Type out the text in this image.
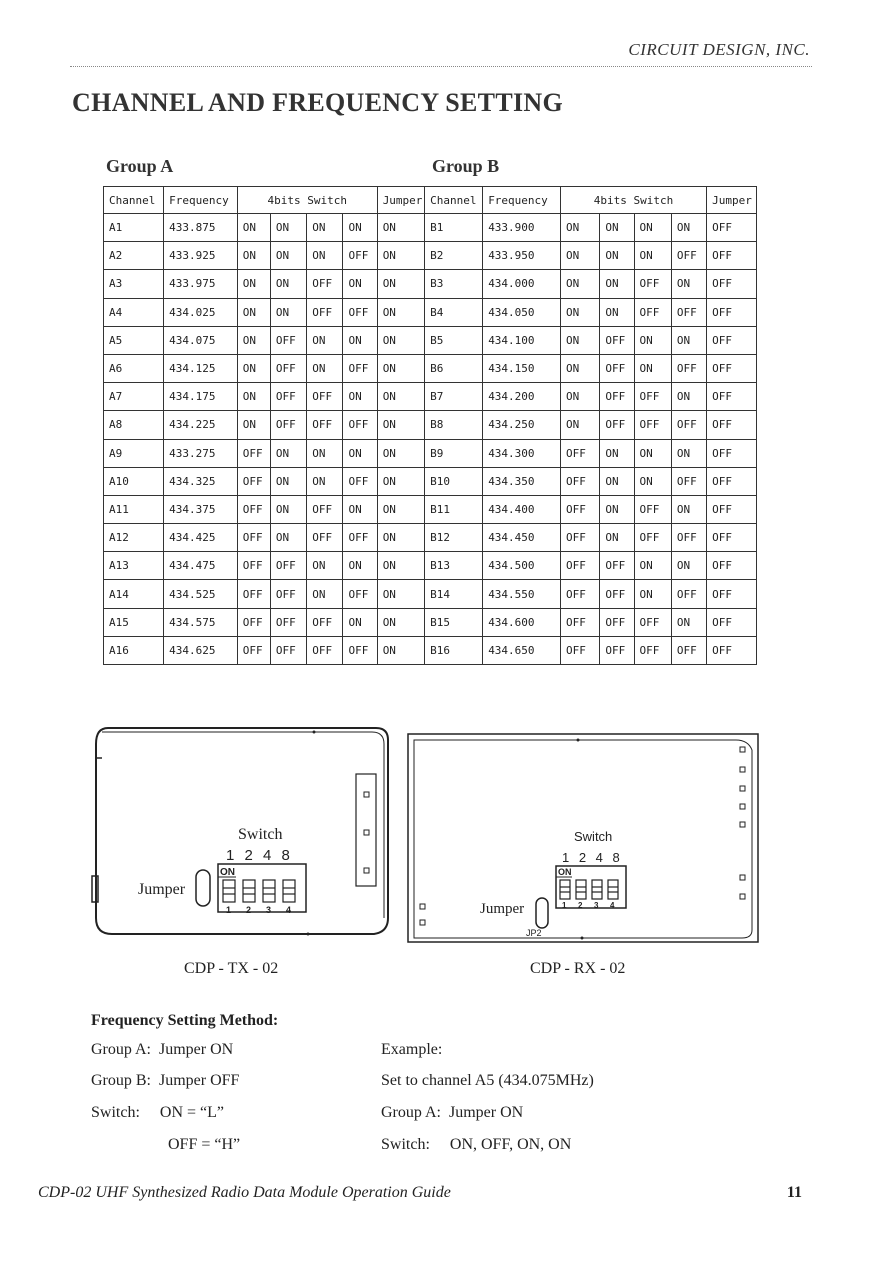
CIRCUIT DESIGN, INC.
CHANNEL AND FREQUENCY SETTING
Group A	Group B
Channel	Frequency	4bits Switch				Jumper	Channel	Frequency	4bits Switch				Jumper
A1	433.875	ON	ON	ON	ON	ON	B1	433.900	ON	ON	ON	ON	OFF
A2	433.925	ON	ON	ON	OFF	ON	B2	433.950	ON	ON	ON	OFF	OFF
A3	433.975	ON	ON	OFF	ON	ON	B3	434.000	ON	ON	OFF	ON	OFF
A4	434.025	ON	ON	OFF	OFF	ON	B4	434.050	ON	ON	OFF	OFF	OFF
A5	434.075	ON	OFF	ON	ON	ON	B5	434.100	ON	OFF	ON	ON	OFF
A6	434.125	ON	OFF	ON	OFF	ON	B6	434.150	ON	OFF	ON	OFF	OFF
A7	434.175	ON	OFF	OFF	ON	ON	B7	434.200	ON	OFF	OFF	ON	OFF
A8	434.225	ON	OFF	OFF	OFF	ON	B8	434.250	ON	OFF	OFF	OFF	OFF
A9	433.275	OFF	ON	ON	ON	ON	B9	434.300	OFF	ON	ON	ON	OFF
A10	434.325	OFF	ON	ON	OFF	ON	B10	434.350	OFF	ON	ON	OFF	OFF
A11	434.375	OFF	ON	OFF	ON	ON	B11	434.400	OFF	ON	OFF	ON	OFF
A12	434.425	OFF	ON	OFF	OFF	ON	B12	434.450	OFF	ON	OFF	OFF	OFF
A13	434.475	OFF	OFF	ON	ON	ON	B13	434.500	OFF	OFF	ON	ON	OFF
A14	434.525	OFF	OFF	ON	OFF	ON	B14	434.550	OFF	OFF	ON	OFF	OFF
A15	434.575	OFF	OFF	OFF	ON	ON	B15	434.600	OFF	OFF	OFF	ON	OFF
A16	434.625	OFF	OFF	OFF	OFF	ON	B16	434.650	OFF	OFF	OFF	OFF	OFF
Switch
1 2 4 8
ON
1 2 3 4
Jumper
Switch
1 2 4 8
ON
1 2 3 4
Jumper
JP2
CDP - TX - 02	CDP - RX - 02
Frequency Setting Method:
Group A:  Jumper ON
Group B:  Jumper OFF
Switch:     ON = “L”
OFF = “H”
Example:
Set to channel A5 (434.075MHz)
Group A:  Jumper ON
Switch:     ON, OFF, ON, ON
CDP-02 UHF Synthesized Radio Data Module Operation Guide	11
